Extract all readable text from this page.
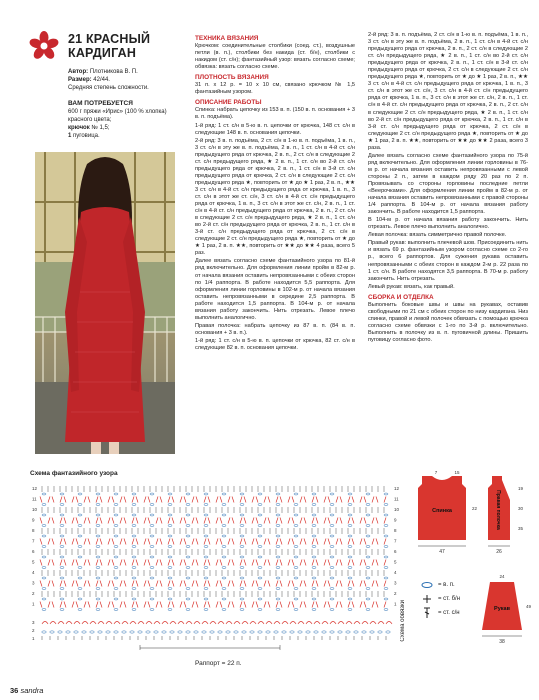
21 КРАСНЫЙ
КАРДИГАН
Автор: Плотникова В. П.
Размер: 42/44.
Средняя степень сложности.
ВАМ ПОТРЕБУЕТСЯ
600 г пряжи «Ирис» (100 % хлопка) красного цвета;
крючок № 1,5;
1 пуговица.
ТЕХНИКА ВЯЗАНИЯ

Крючком: соединительные столбики (соед. ст.), воздушные петли (в. п.), столбики без накида (ст. б/н), столбики с накидом (ст. с/н); фантазийный узор: вязать согласно схеме; обвязка: вязать согласно схеме.

ПЛОТНОСТЬ ВЯЗАНИЯ

31 п. х 12 р. = 10 х 10 см, связано крючком № 1,5 фантазийным узором.

ОПИСАНИЕ РАБОТЫ

Спинка: набрать цепочку из 153 в. п. (150 в. п. основания + 3 в. п. подъёма).

1-й ряд: 1 ст. с/н в 5-ю в. п. цепочки от крючка, 148 ст. с/н в следующие 148 в. п. основания цепочки.

2-й ряд: 3 в. п. подъёма, 2 ст. с/н в 1-ю в. п. подъёма, 1 в. п., 3 ст. с/н в эту же в. п. подъёма, 2 в. п., 1 ст. с/н в 4-й ст. с/н предыдущего ряда от крючка, 2 в. п., 2 ст. с/н в следующие 2 ст. с/н предыдущего ряда, ★ 2 в. п., 1 ст. с/н во 2-й ст. с/н предыдущего ряда от крючка, 2 в. п., 1 ст. с/н в 3-й ст. с/н предыдущего ряда от крючка, 2 ст. с/н в следующие 2 ст. с/н предыдущего ряда ★, повторить от ★ до ★ 1 раз, 2 в. п., ★★ 3 ст. с/н в 4-й ст. с/н предыдущего ряда от крючка, 1 в. п., 3 ст. с/н в этот же ст. с/н, 3 ст. с/н в 4-й ст. с/н предыдущего ряда от крючка, 1 в. п., 3 ст. с/н в этот же ст. с/н, 2 в. п., 1 ст. с/н в 4-й ст. с/н предыдущего ряда от крючка, 2 в. п., 2 ст. с/н в следующие 2 ст. с/н предыдущего ряда, ★ 2 в. п., 1 ст. с/н во 2-й ст. с/н предыдущего ряда от крючка, 2 в. п., 1 ст. с/н в 3-й ст. с/н предыдущего ряда от крючка, 2 ст. с/н в следующие 2 ст. с/н предыдущего ряда ★, повторить от ★ до ★ 1 раз, 2 в. п. ★★, повторить от ★★ до ★★ 4 раза, всего 5 раз.

Далее вязать согласно схеме фантазийного узора по 81-й ряд включительно. Для оформления линии пройм в 82-м р. от начала вязания оставить непровязанными с обеих сторон по 1/4 раппорта. В работе находится 5,5 раппорта. Для оформления линии горловины в 102-м р. от начала вязания оставить непровязанными в середине 2,5 раппорта. В работе находится 1,5 раппорта. В 104-м р. от начала вязания работу закончить. Нить отрезать. Левое плечо выполнить аналогично.

Правая полочка: набрать цепочку из 87 в. п. (84 в. п. основания + 3 в. п.).

1-й ряд: 1 ст. с/н в 5-ю в. п. цепочки от крючка, 82 ст. с/н в следующие 82 в. п. основания цепочки.

2-й ряд: 3 в. п. подъёма, 2 ст. с/н в 1-ю в. п. подъёма, 1 в. п., 3 ст. с/н в эту же в. п. подъёма, 2 в. п., 1 ст. с/н в 4-й ст. с/н предыдущего ряда от крючка, 2 в. п., 2 ст. с/н в следующие 2 ст. с/н предыдущего ряда, ★ 2 в. п., 1 ст. с/н во 2-й ст. с/н предыдущего ряда от крючка, 2 в. п., 1 ст. с/н в 3-й ст. с/н предыдущего ряда от крючка, 2 ст. с/н в следующие 2 ст. с/н предыдущего ряда ★, повторить от ★ до ★ 1 раз, 2 в. п., ★★ 3 ст. с/н в 4-й ст. с/н предыдущего ряда от крючка, 1 в. п., 3 ст. с/н в этот же ст. с/н, 3 ст. с/н в 4-й ст. с/н предыдущего ряда от крючка, 1 в. п., 3 ст. с/н в этот же ст. с/н, 2 в. п., 1 ст. с/н в 4-й ст. с/н предыдущего ряда от крючка, 2 в. п., 2 ст. с/н в следующие 2 ст. с/н предыдущего ряда, ★ 2 в. п., 1 ст. с/н во 2-й ст. с/н предыдущего ряда от крючка, 2 в. п., 1 ст. с/н в 3-й ст. с/н предыдущего ряда от крючка, 2 ст. с/н в следующие 2 ст. с/н предыдущего ряда ★, повторить от ★ до ★ 1 раз, 2 в. п. ★★, повторить от ★★ до ★★ 2 раза, всего 3 раза.

Далее вязать согласно схеме фантазийного узора по 75-й ряд включительно. Для оформления линии горловины в 76-м р. от начала вязания оставить непровязанными с левой стороны 2 п., затем в каждом ряду 20 раз по 2 п. Провязывать со стороны горловины последние петли «Веерочками». Для оформления линии пройм в 82-м р. от начала вязания оставить непровязанными с правой стороны 1/4 раппорта. В 104-м р. от начала вязания работу закончить. В работе находится 1,5 раппорта.

В 104-м р. от начала вязания работу закончить. Нить отрезать. Левое плечо выполнить аналогично.

Левая полочка: вязать симметрично правой полочке.

Правый рукав: выполнить плечевой шов. Присоединить нить и вязать 69 р. фантазийным узором согласно схеме со 2-го р., всего 6 раппортов. Для сужения рукава оставить непровязанными с обеих сторон в каждом 2-м р. 22 раза по 1 ст. с/н. В работе находятся 3,5 раппорта. В 70-м р. работу закончить. Нить отрезать.

Левый рукав: вязать, как правый.

СБОРКА И ОТДЕЛКА

Выполнить боковые швы и швы на рукавах, оставив свободными по 21 см с обеих сторон по низу кардигана. Низ спинки, правой и левой полочек обвязать с помощью крючка согласно схеме обвязки с 1-го по 3-й р. включительно. Выполнить в полочку из в. п. пуговичной длины. Пришить пуговицу согласно фото.

Схема фантазийного узора
12
11
10
9
8
7
6
5
4
3
2
1
12
11
10
9
8
7
6
5
4
3
2
1
3
2
1
Раппорт = 22 п.
Схема обвязки
= в. п.
= ст. б/н
= ст. с/н
Спинка
47
7	15
Правая полочка
26
19
30
35
22
Рукав
24
38
49
36 sandra
